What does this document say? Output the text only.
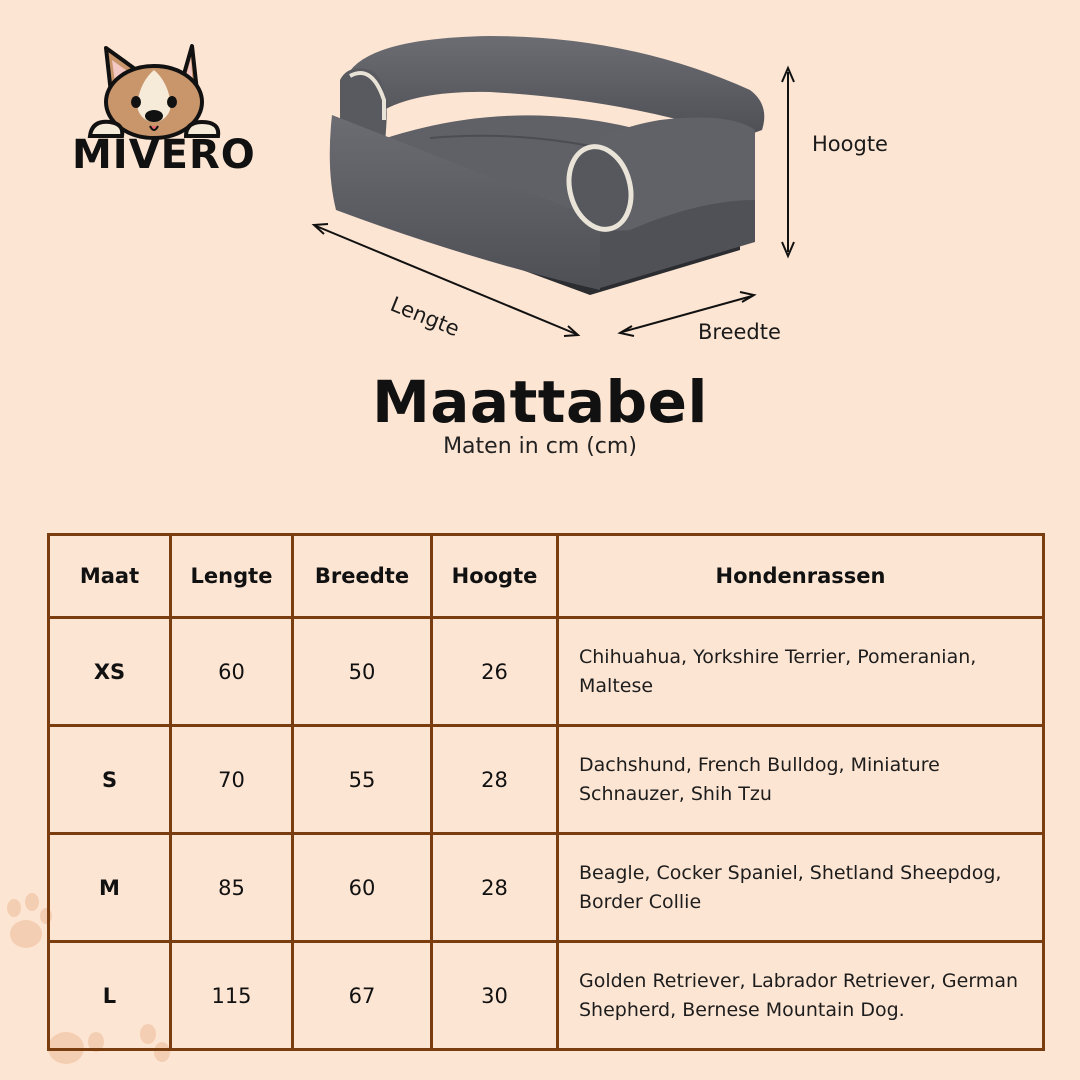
MIVERO	Hoogte
Lengte	Breedte
Maattabel
Maten in cm (cm)
Maat	Lengte	Breedte	Hoogte	Hondenrassen
XS	60	50	26	Chihuahua, Yorkshire Terrier, Pomeranian, Maltese
S	70	55	28	Dachshund, French Bulldog, Miniature Schnauzer, Shih Tzu
M	85	60	28	Beagle, Cocker Spaniel, Shetland Sheepdog, Border Collie
L	115	67	30	Golden Retriever, Labrador Retriever, German Shepherd, Bernese Mountain Dog.
